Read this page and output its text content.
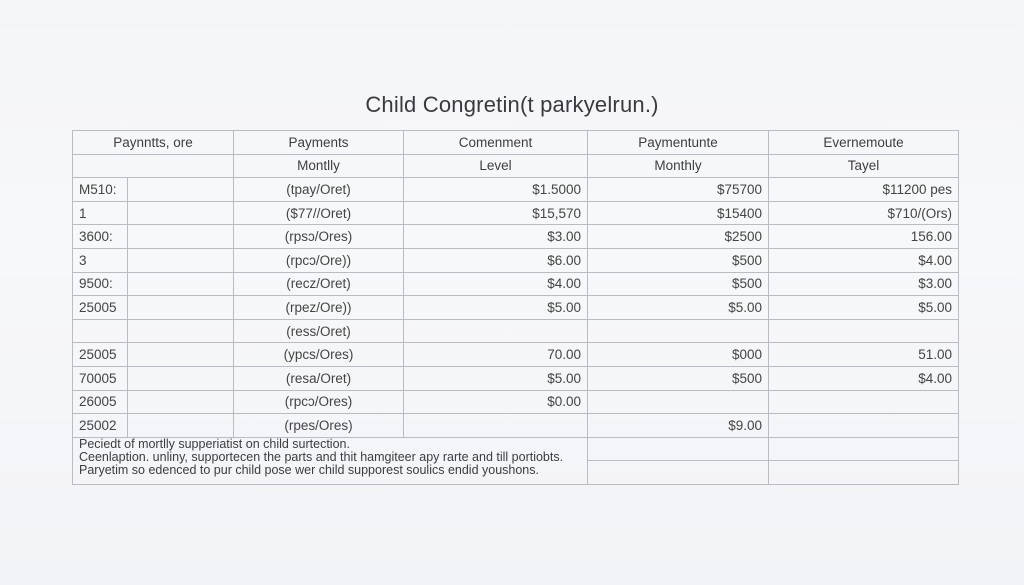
Child Congretin(t parkyelrun.)
Paynntts, ore		Payments	Comenment	Paymentunte	Evernemoute
		Montlly	Level	Monthly	Tayel
M510:		(tpay/Oret)	$1.5000	$75700	$11200 pes
1		($77//Oret)	$15,570	$15400	$710/(Ors)
3600:		(rpsɔ/Ores)	$3.00	$2500	156.00
3		(rpcɔ/Ore))	$6.00	$500	$4.00
9500:		(recz/Oret)	$4.00	$500	$3.00
25005		(rpez/Ore))	$5.00	$5.00	$5.00
		(ress/Oret)			
25005		(ypcs/Ores)	70.00	$000	51.00
70005		(resa/Oret)	$5.00	$500	$4.00
26005		(rpcɔ/Ores)	$0.00		
25002		(rpes/Ores)		$9.00	

Peciedt of mortlly supperiatist on child surtection.
Ceenlaption. unliny, supportecen the parts and thit hamgiteer apy rarte and till portiobts.
Paryetim so edenced to pur child pose wer child supporest soulics endid youshons.					
